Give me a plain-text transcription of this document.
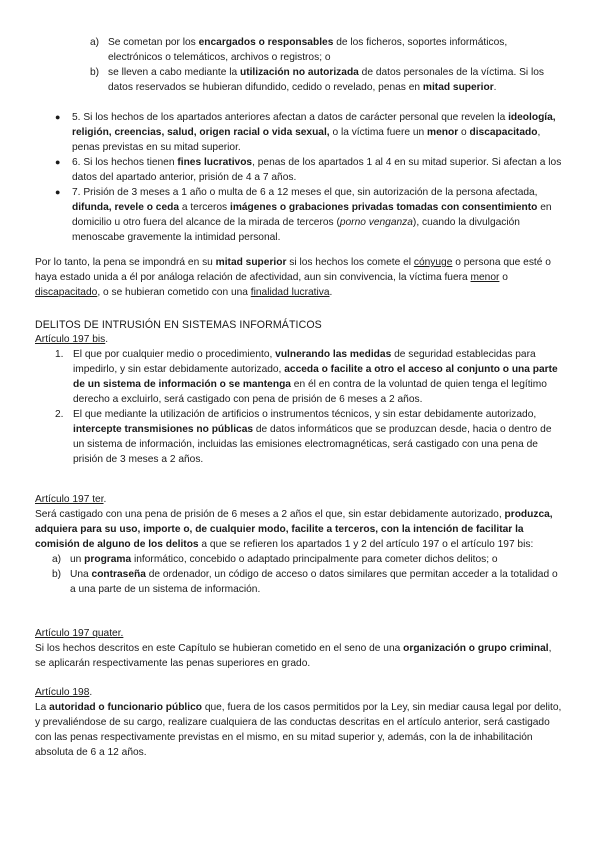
a) Se cometan por los encargados o responsables de los ficheros, soportes informáticos, electrónicos o telemáticos, archivos o registros; o
b) se lleven a cabo mediante la utilización no autorizada de datos personales de la víctima. Si los datos reservados se hubieran difundido, cedido o revelado, penas en mitad superior.
● 5. Si los hechos de los apartados anteriores afectan a datos de carácter personal que revelen la ideología, religión, creencias, salud, origen racial o vida sexual, o la víctima fuere un menor o discapacitado, penas previstas en su mitad superior.
● 6. Si los hechos tienen fines lucrativos, penas de los apartados 1 al 4 en su mitad superior. Si afectan a los datos del apartado anterior, prisión de 4 a 7 años.
● 7. Prisión de 3 meses a 1 año o multa de 6 a 12 meses el que, sin autorización de la persona afectada, difunda, revele o ceda a terceros imágenes o grabaciones privadas tomadas con consentimiento en domicilio u otro fuera del alcance de la mirada de terceros (porno venganza), cuando la divulgación menoscabe gravemente la intimidad personal.

Por lo tanto, la pena se impondrá en su mitad superior si los hechos los comete el cónyuge o persona que esté o haya estado unida a él por análoga relación de afectividad, aun sin convivencia, la víctima fuera menor o discapacitado, o se hubieran cometido con una finalidad lucrativa.

DELITOS DE INTRUSIÓN EN SISTEMAS INFORMÁTICOS

Artículo 197 bis.

1. El que por cualquier medio o procedimiento, vulnerando las medidas de seguridad establecidas para impedirlo, y sin estar debidamente autorizado, acceda o facilite a otro el acceso al conjunto o una parte de un sistema de información o se mantenga en él en contra de la voluntad de quien tenga el legítimo derecho a excluirlo, será castigado con pena de prisión de 6 meses a 2 años.
2. El que mediante la utilización de artificios o instrumentos técnicos, y sin estar debidamente autorizado, intercepte transmisiones no públicas de datos informáticos que se produzcan desde, hacia o dentro de un sistema de información, incluidas las emisiones electromagnéticas, será castigado con una pena de prisión de 3 meses a 2 años.

Artículo 197 ter.

Será castigado con una pena de prisión de 6 meses a 2 años el que, sin estar debidamente autorizado, produzca, adquiera para su uso, importe o, de cualquier modo, facilite a terceros, con la intención de facilitar la comisión de alguno de los delitos a que se refieren los apartados 1 y 2 del artículo 197 o el artículo 197 bis:

a) un programa informático, concebido o adaptado principalmente para cometer dichos delitos; o
b) Una contraseña de ordenador, un código de acceso o datos similares que permitan acceder a la totalidad o a una parte de un sistema de información.

Artículo 197 quater.

Si los hechos descritos en este Capítulo se hubieran cometido en el seno de una organización o grupo criminal, se aplicarán respectivamente las penas superiores en grado.

Artículo 198.

La autoridad o funcionario público que, fuera de los casos permitidos por la Ley, sin mediar causa legal por delito, y prevaliéndose de su cargo, realizare cualquiera de las conductas descritas en el artículo anterior, será castigado con las penas respectivamente previstas en el mismo, en su mitad superior y, además, con la de inhabilitación absoluta de 6 a 12 años.
